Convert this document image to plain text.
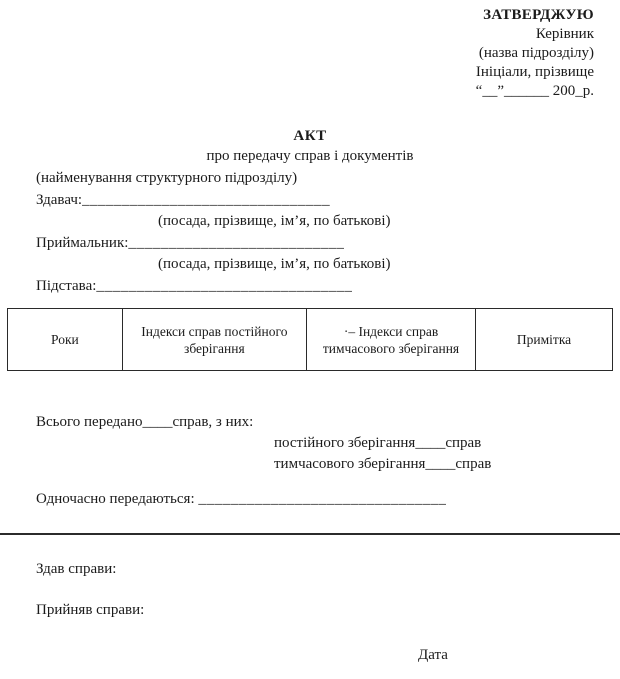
ЗАТВЕРДЖУЮ
Керівник
(назва підрозділу)
Ініціали, прізвище
“__”______ 200_р.
АКТ
про передачу справ і документів
(найменування структурного підрозділу)
Здавач:_______________________________
(посада, прізвище, ім’я, по батькові)
Приймальник:___________________________
(посада, прізвище, ім’я, по батькові)
Підстава:________________________________
Роки
Індекси справ постійного зберігання
·– Індекси справ тимчасового зберігання
Примітка
Всього передано____справ, з них:
постійного зберігання____справ
тимчасового зберігання____справ
Одночасно передаються: _______________________________
Здав справи:
Прийняв справи:
Дата
